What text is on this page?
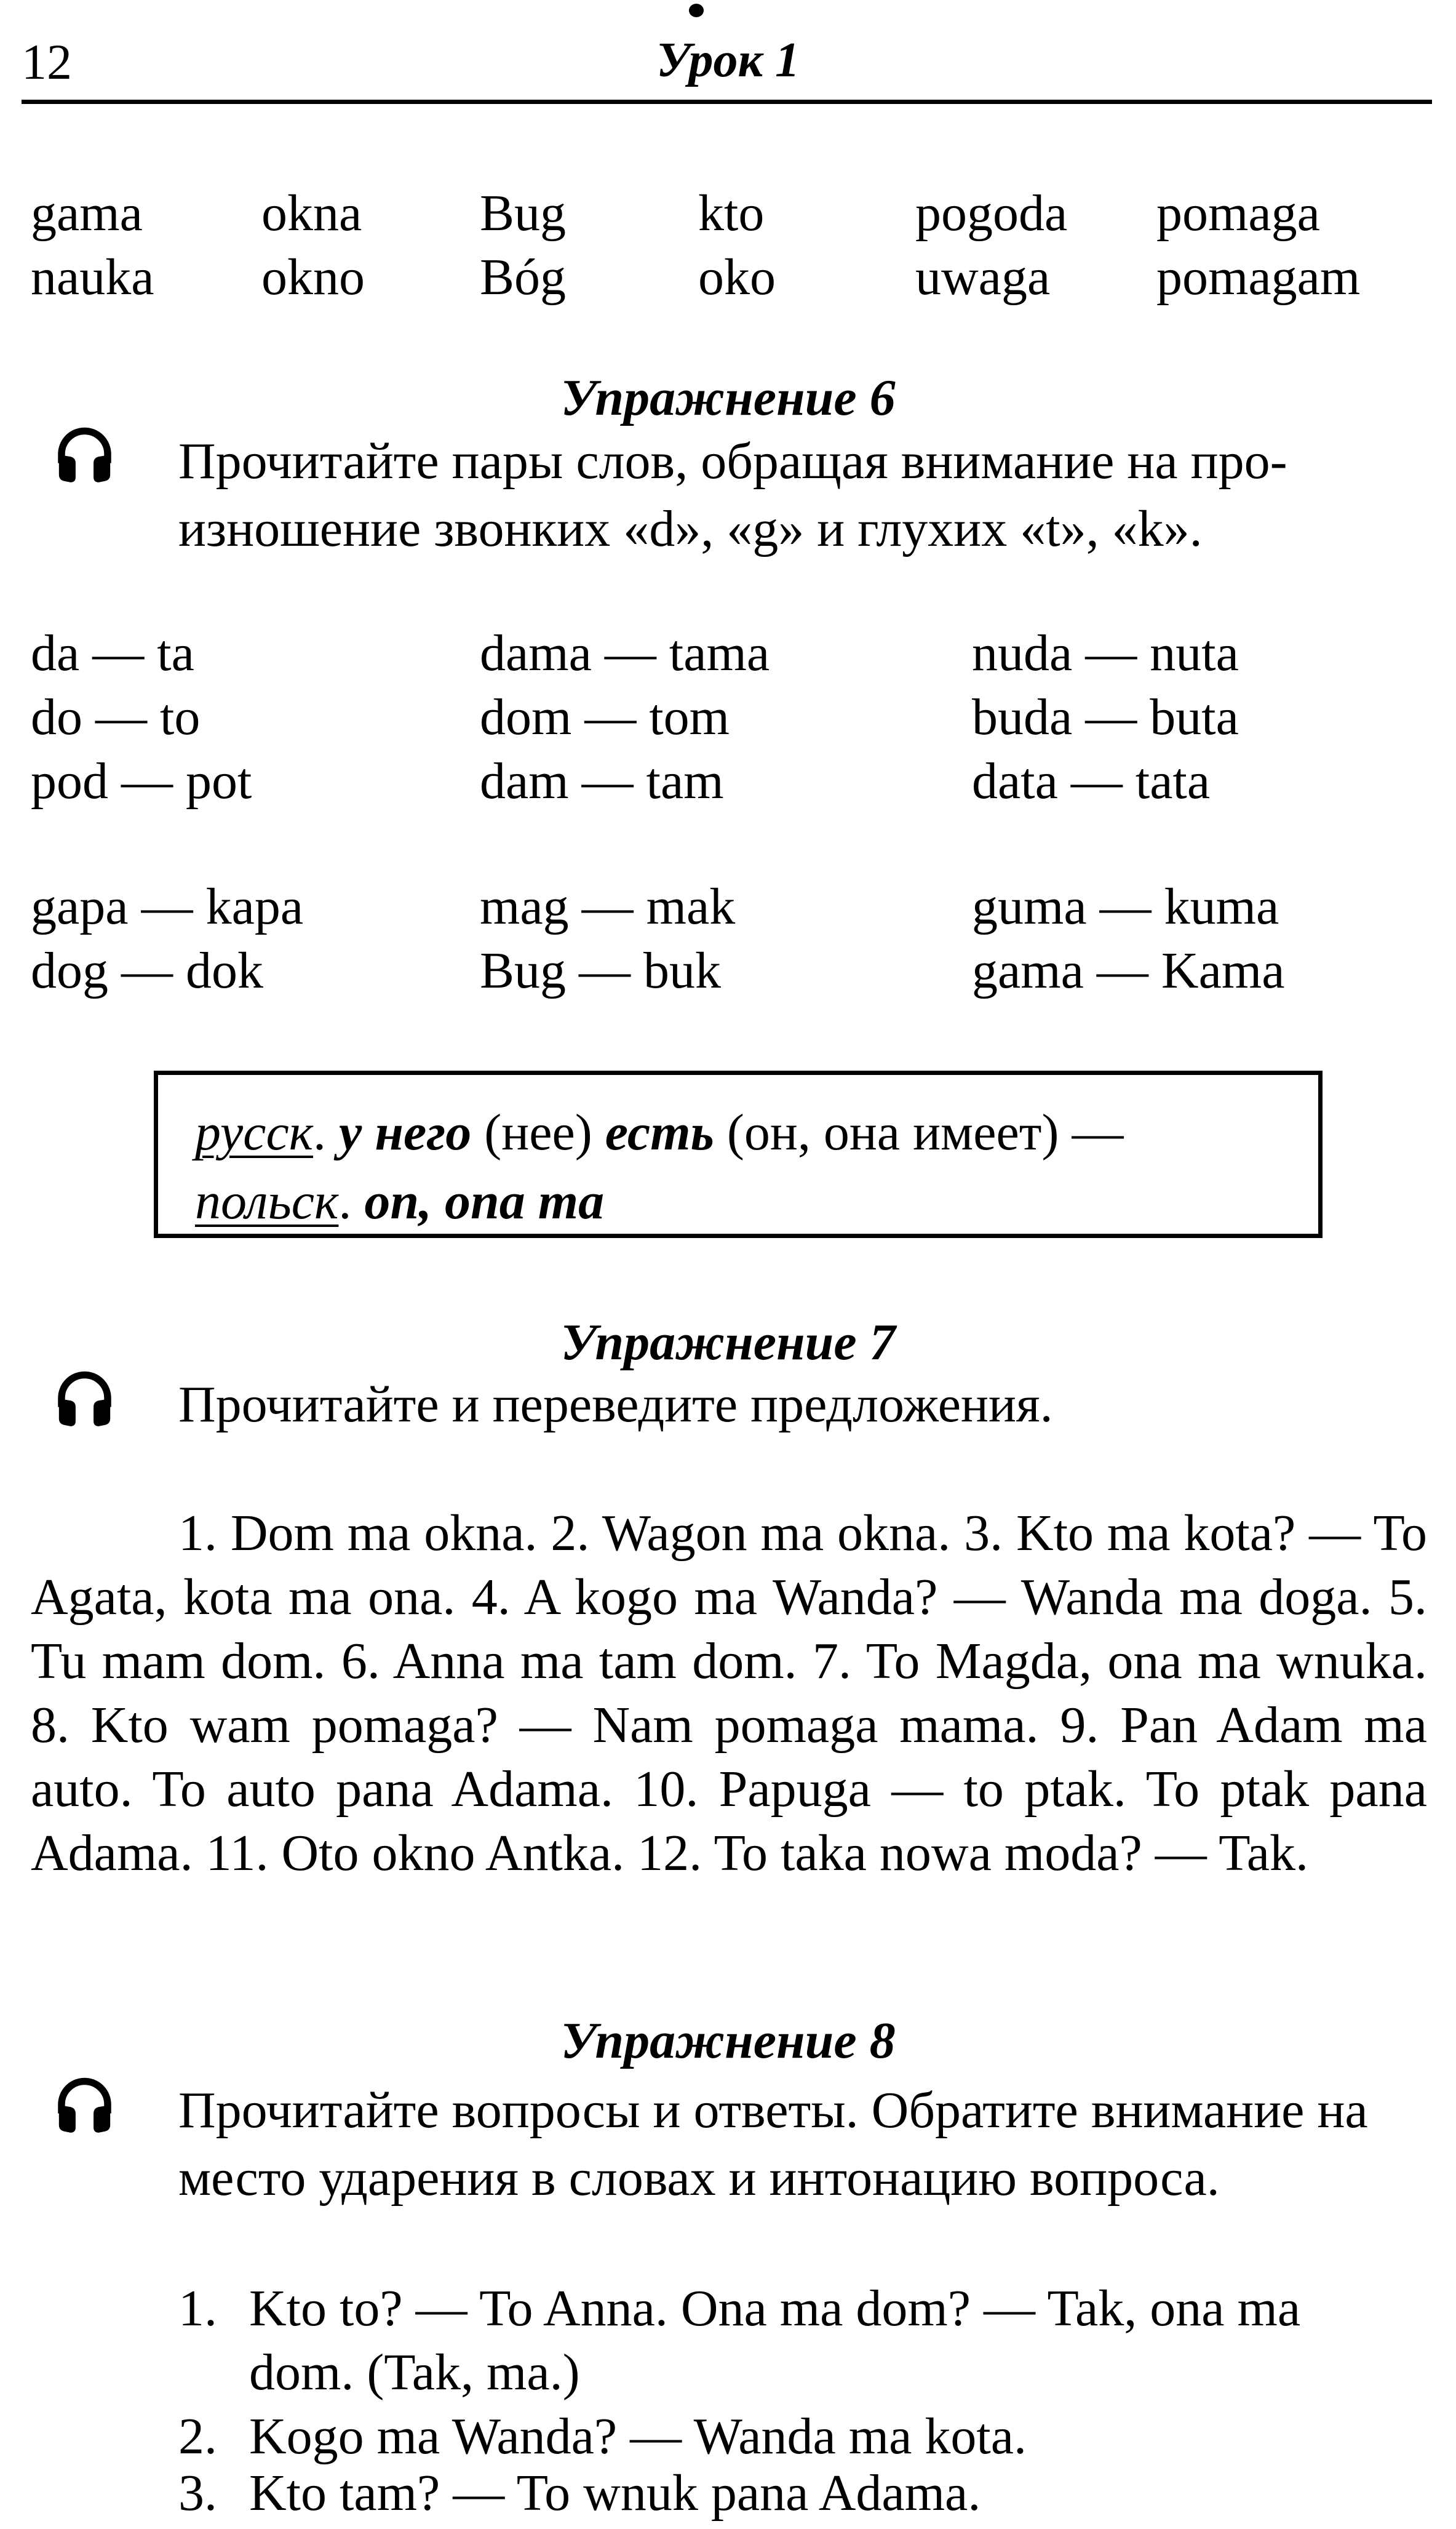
12	Урок 1
gama
nauka
okna
okno
Bug
Bóg
kto
oko
pogoda
uwaga
pomaga
pomagam
Упражнение 6
Прочитайте пары слов, обращая внимание на произношение звонких «d», «g» и глухих «t», «k».
da — ta
do — to
pod — pot
dama — tama
dom — tom
dam — tam
nuda — nuta
buda — buta
data — tata
gapa — kapa
dog — dok
mag — mak
Bug — buk
guma — kuma
gama — Kama
русск. у него (нее) есть (он, она имеет) —
польск. on, ona ma
Упражнение 7
Прочитайте и переведите предложения.
1. Dom ma okna. 2. Wagon ma okna. 3. Kto ma kota? — To Agata, kota ma ona. 4. A kogo ma Wanda? — Wanda ma doga. 5. Tu mam dom. 6. Anna ma tam dom. 7. To Magda, ona ma wnuka. 8. Kto wam pomaga? — Nam pomaga mama. 9. Pan Adam ma auto. To auto pana Adama. 10. Papuga — to ptak. To ptak pana Adama. 11. Oto okno Antka. 12. To taka nowa moda? — Tak.
Упражнение 8
Прочитайте вопросы и ответы. Обратите внимание на место ударения в словах и интонацию вопроса.
1. Kto to? — To Anna. Ona ma dom? — Tak, ona ma
dom. (Tak, ma.)
2. Kogo ma Wanda? — Wanda ma kota.
3. Kto tam? — To wnuk pana Adama.
